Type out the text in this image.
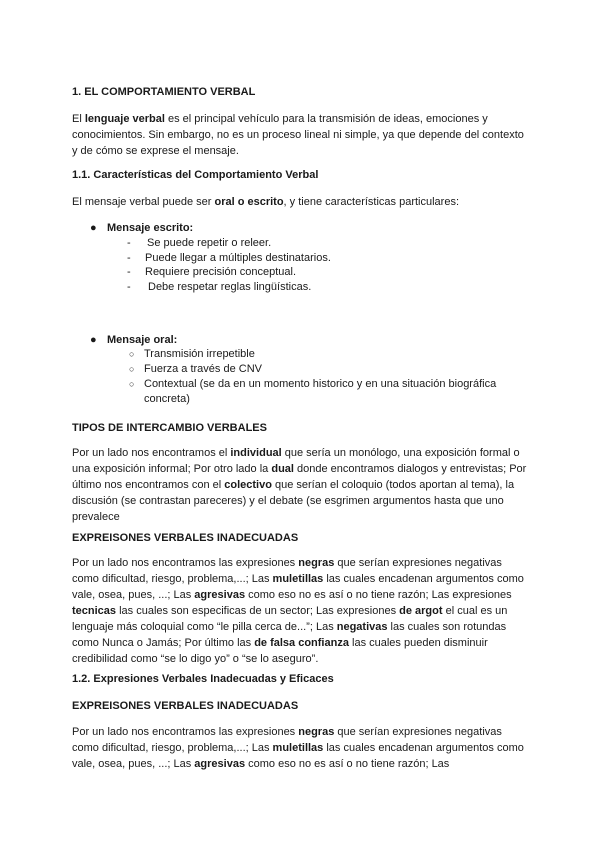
1. EL COMPORTAMIENTO VERBAL

El lenguaje verbal es el principal vehículo para la transmisión de ideas, emociones y conocimientos. Sin embargo, no es un proceso lineal ni simple, ya que depende del contexto y de cómo se exprese el mensaje.

1.1. Características del Comportamiento Verbal

El mensaje verbal puede ser oral o escrito, y tiene características particulares:

● Mensaje escrito:
- Se puede repetir o releer.
- Puede llegar a múltiples destinatarios.
- Requiere precisión conceptual.
- Debe respetar reglas lingüísticas.
● Mensaje oral:
○ Transmisión irrepetible
○ Fuerza a través de CNV
○ Contextual (se da en un momento historico y en una situación biográfica concreta)
TIPOS DE INTERCAMBIO VERBALES

Por un lado nos encontramos el individual que sería un monólogo, una exposición formal o una exposición informal; Por otro lado la dual donde encontramos dialogos y entrevistas; Por último nos encontramos con el colectivo que serían el coloquio (todos aportan al tema), la discusión (se contrastan pareceres) y el debate (se esgrimen argumentos hasta que uno prevalece

EXPREISONES VERBALES INADECUADAS

Por un lado nos encontramos las expresiones negras que serían expresiones negativas como dificultad, riesgo, problema,...; Las muletillas las cuales encadenan argumentos como vale, osea, pues, ...; Las agresivas como eso no es así o no tiene razón; Las expresiones tecnicas las cuales son especificas de un sector; Las expresiones de argot el cual es un lenguaje más coloquial como “le pilla cerca de...”; Las negativas las cuales son rotundas como Nunca o Jamás; Por último las de falsa confianza las cuales pueden disminuir credibilidad como “se lo digo yo” o “se lo aseguro”.

1.2. Expresiones Verbales Inadecuadas y Eficaces
EXPREISONES VERBALES INADECUADAS

Por un lado nos encontramos las expresiones negras que serían expresiones negativas como dificultad, riesgo, problema,...; Las muletillas las cuales encadenan argumentos como vale, osea, pues, ...; Las agresivas como eso no es así o no tiene razón; Las
